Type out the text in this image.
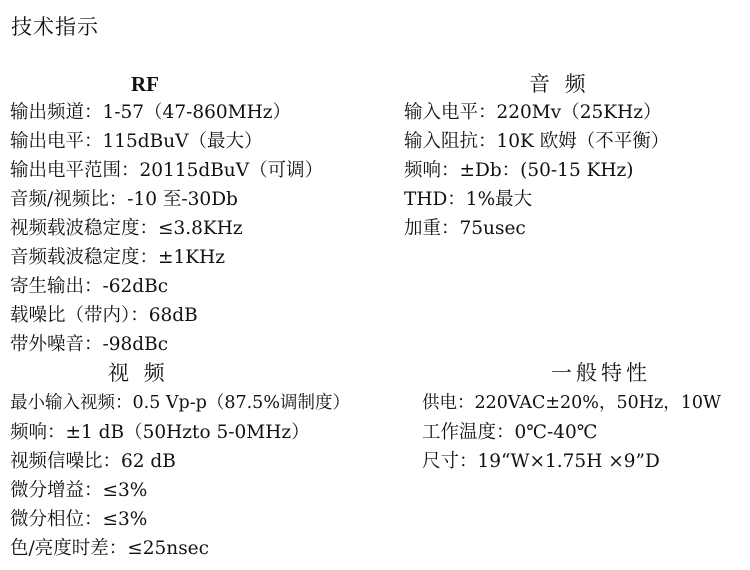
技术指示
RF
输出频道：1-57（47-860MHz）
输出电平：115dBuV（最大）
输出电平范围：20115dBuV（可调）
音频/视频比：-10 至-30Db
视频载波稳定度：≤3.8KHz
音频载波稳定度：±1KHz
寄生输出：-62dBc
载噪比（带内）：68dB
带外噪音：-98dBc
音 频
输入电平：220Mv（25KHz）
输入阻抗：10K 欧姆（不平衡）
频响：±Db：(50-15 KHz)
THD：1%最大
加重：75usec
视 频
最小输入视频：0.5 Vp-p（87.5%调制度）
频响：±1 dB（50Hzto 5-0MHz）
视频信噪比：62 dB
微分增益：≤3%
微分相位：≤3%
色/亮度时差：≤25nsec
一般特性
供电：220VAC±20%，50Hz，10W
工作温度：0℃-40℃
尺寸：19“W×1.75H ×9”D
